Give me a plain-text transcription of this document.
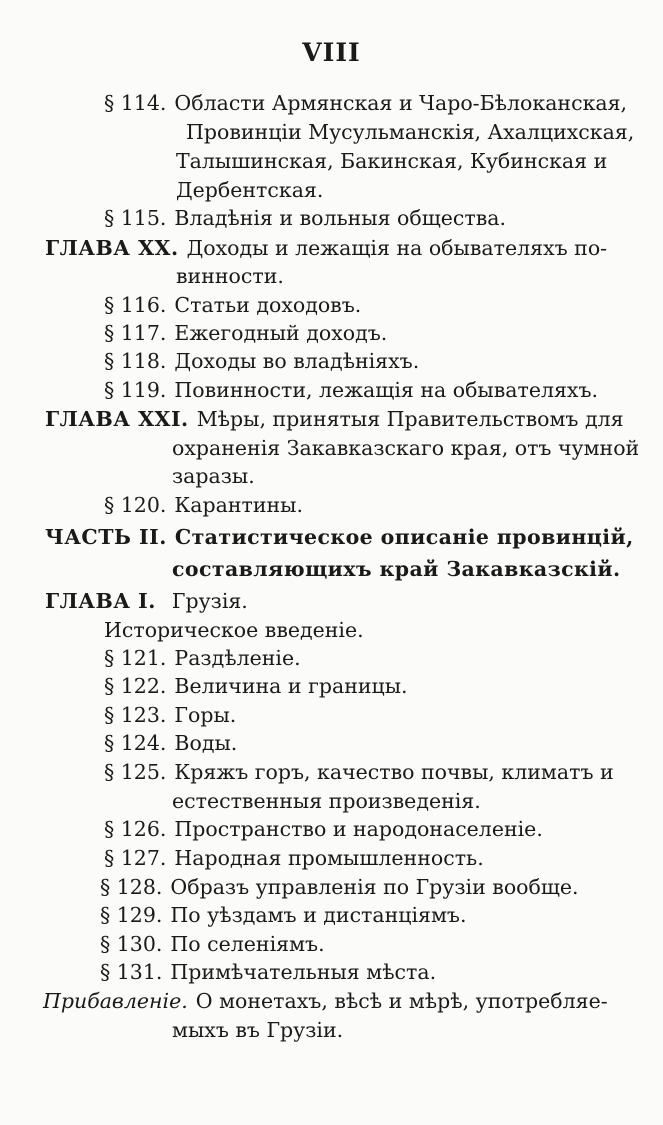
VIII
§ 114. Области Армянская и Чаро-Бѣлоканская,
Провинціи Мусульманскія, Ахалцихская,
Талышинская, Бакинская, Кубинская и
Дербентская.
§ 115. Владѣнія и вольныя общества.
ГЛАВА XX. Доходы и лежащія на обывателяхъ по-
винности.
§ 116. Статьи доходовъ.
§ 117. Ежегодный доходъ.
§ 118. Доходы во владѣніяхъ.
§ 119. Повинности, лежащія на обывателяхъ.
ГЛАВА XXI. Мѣры, принятыя Правительствомъ для
охраненія Закавказскаго края, отъ чумной
заразы.
§ 120. Карантины.
ЧАСТЬ II. Статистическое описаніе провинцій,
составляющихъ край Закавказскій.
ГЛАВА I. Грузія.
Историческое введеніе.
§ 121. Раздѣленіе.
§ 122. Величина и границы.
§ 123. Горы.
§ 124. Воды.
§ 125. Кряжъ горъ, качество почвы, климатъ и
естественныя произведенія.
§ 126. Пространство и народонаселеніе.
§ 127. Народная промышленность.
§ 128. Образъ управленія по Грузіи вообще.
§ 129. По уѣздамъ и дистанціямъ.
§ 130. По селеніямъ.
§ 131. Примѣчательныя мѣста.
Прибавленіе. О монетахъ, вѣсѣ и мѣрѣ, употребляе-
мыхъ въ Грузіи.
